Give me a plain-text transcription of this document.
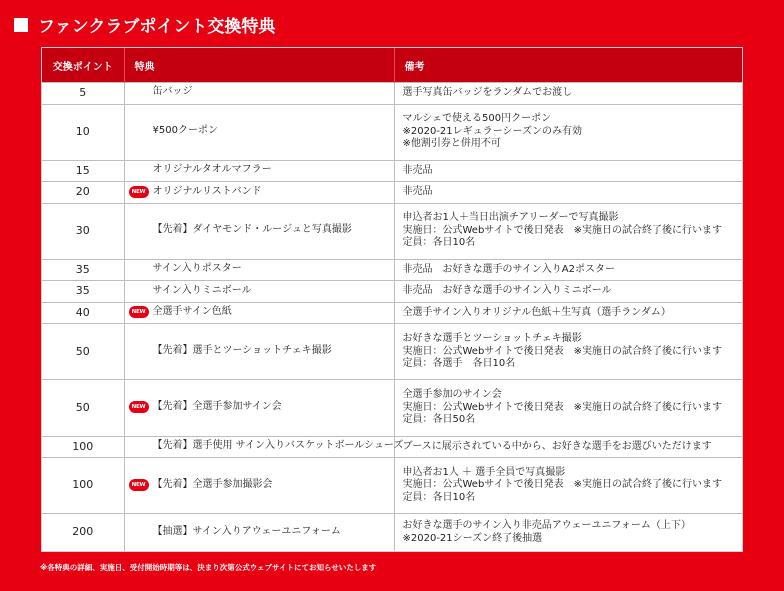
ファンクラブポイント交換特典
交換ポイント	特典	備考
5	缶バッジ	選手写真缶バッジをランダムでお渡し

10	¥500クーポン	マルシェで使える500円クーポン
※2020-21レギュラーシーズンのみ有効
※他割引券と併用不可

15	オリジナルタオルマフラー	非売品

20	NEW オリジナルリストバンド	非売品

30	【先着】ダイヤモンド・ルージュと写真撮影	申込者お1人＋当日出演チアリーダーで写真撮影
実施日：公式Webサイトで後日発表　※実施日の試合終了後に行います
定員：各日10名

35	サイン入りポスター	非売品　お好きな選手のサイン入りA2ポスター

35	サイン入りミニボール	非売品　お好きな選手のサイン入りミニボール

40	NEW 全選手サイン色紙	全選手サイン入りオリジナル色紙＋生写真（選手ランダム）

50	【先着】選手とツーショットチェキ撮影	お好きな選手とツーショットチェキ撮影
実施日：公式Webサイトで後日発表　※実施日の試合終了後に行います
定員：各選手　各日10名

50	NEW 【先着】全選手参加サイン会	全選手参加のサイン会
実施日：公式Webサイトで後日発表　※実施日の試合終了後に行います
定員：各日50名

100	【先着】選手使用 サイン入りバスケットボールシューズ	ブースに展示されている中から、お好きな選手をお選びいただけます

100	NEW 【先着】全選手参加撮影会	申込者お1人 ＋ 選手全員で写真撮影
実施日：公式Webサイトで後日発表　※実施日の試合終了後に行います
定員：各日10名

200	【抽選】サイン入りアウェーユニフォーム	お好きな選手のサイン入り非売品アウェーユニフォーム（上下）
※2020-21シーズン終了後抽選
※各特典の詳細、実施日、受付開始時期等は、決まり次第公式ウェブサイトにてお知らせいたします
